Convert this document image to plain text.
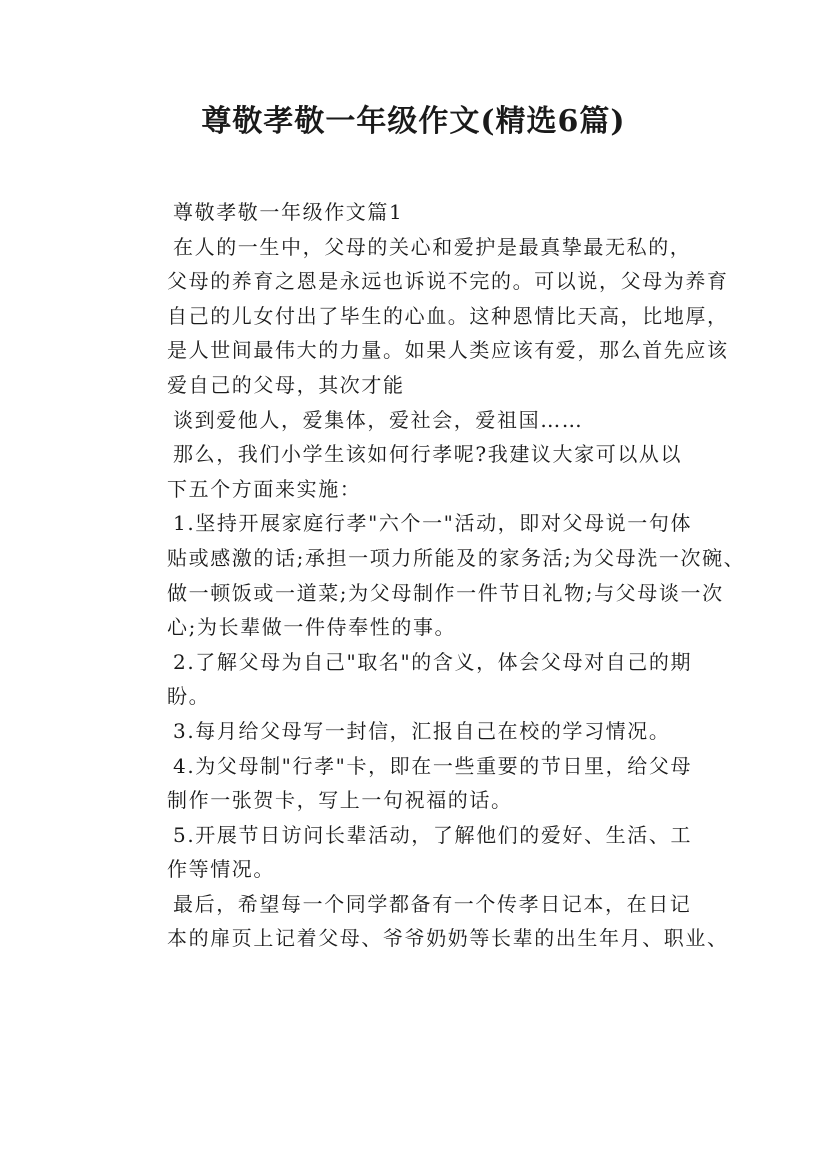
尊敬孝敬一年级作文(精选6篇)

尊敬孝敬一年级作文篇1

在人的一生中，父母的关心和爱护是最真挚最无私的，

父母的养育之恩是永远也诉说不完的。可以说，父母为养育

自己的儿女付出了毕生的心血。这种恩情比天高，比地厚，

是人世间最伟大的力量。如果人类应该有爱，那么首先应该

爱自己的父母，其次才能

谈到爱他人，爱集体，爱社会，爱祖国……

那么，我们小学生该如何行孝呢?我建议大家可以从以

下五个方面来实施：

1.坚持开展家庭行孝"六个一"活动，即对父母说一句体

贴或感激的话;承担一项力所能及的家务活;为父母洗一次碗、

做一顿饭或一道菜;为父母制作一件节日礼物;与父母谈一次

心;为长辈做一件侍奉性的事。

2.了解父母为自己"取名"的含义，体会父母对自己的期

盼。

3.每月给父母写一封信，汇报自己在校的学习情况。

4.为父母制"行孝"卡，即在一些重要的节日里，给父母

制作一张贺卡，写上一句祝福的话。

5.开展节日访问长辈活动，了解他们的爱好、生活、工

作等情况。

最后，希望每一个同学都备有一个传孝日记本，在日记

本的扉页上记着父母、爷爷奶奶等长辈的出生年月、职业、
